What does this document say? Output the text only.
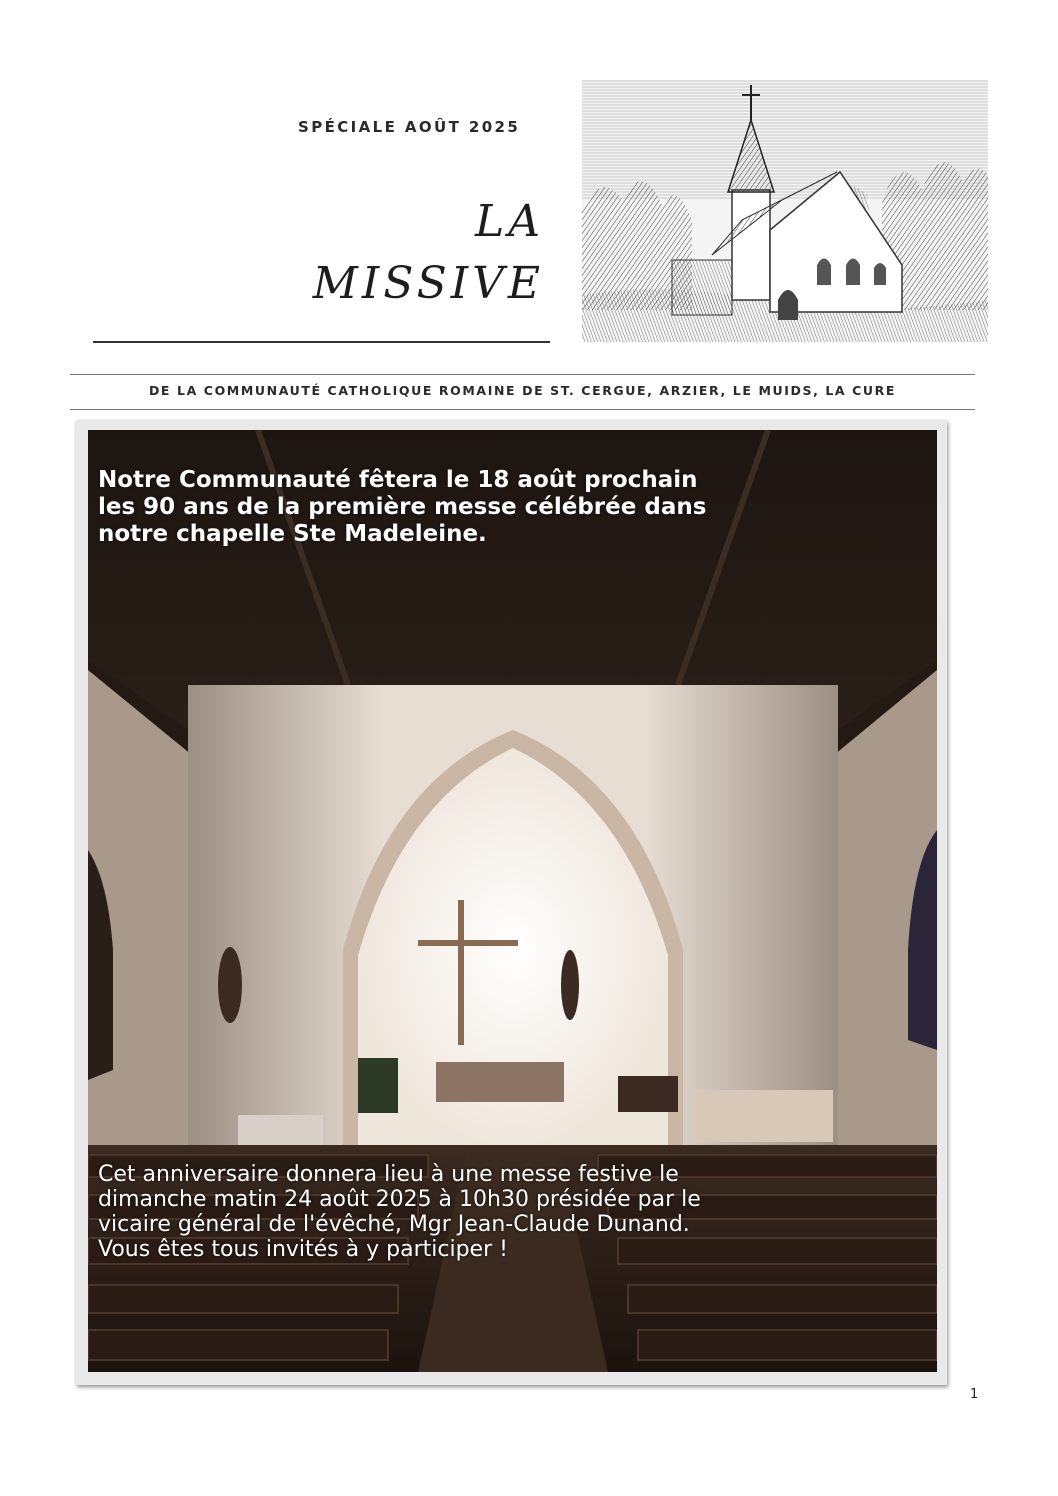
SPÉCIALE AOÛT 2025
LA
MISSIVE
DE LA COMMUNAUTÉ CATHOLIQUE ROMAINE DE ST. CERGUE, ARZIER, LE MUIDS, LA CURE
Notre Communauté fêtera le 18 août prochain
les 90 ans de la première messe célébrée dans
notre chapelle Ste Madeleine.
Cet anniversaire donnera lieu à une messe festive le
dimanche matin 24 août 2025 à 10h30 présidée par le
vicaire général de l'évêché, Mgr Jean-Claude Dunand.
Vous êtes tous invités à y participer !
1
